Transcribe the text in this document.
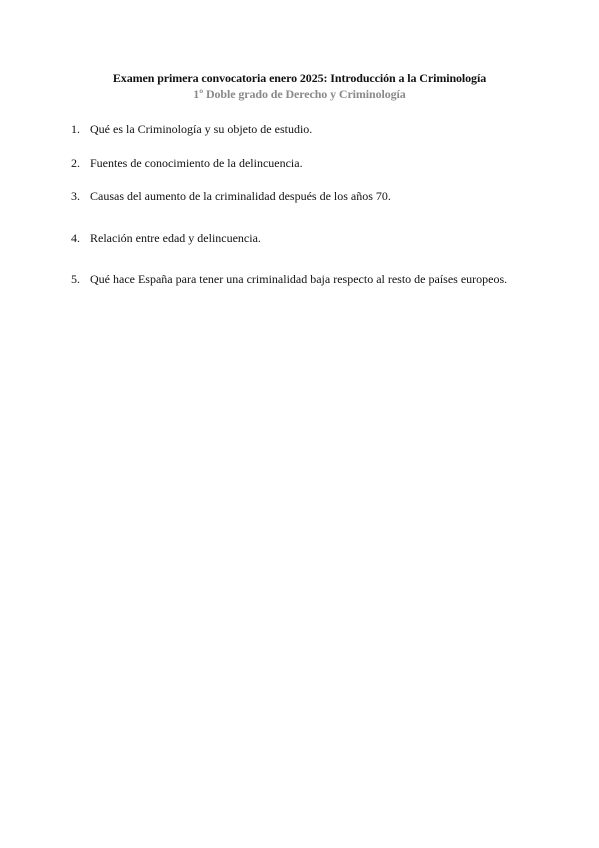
Examen primera convocatoria enero 2025: Introducción a la Criminología
1º Doble grado de Derecho y Criminología
1. Qué es la Criminología y su objeto de estudio.
2. Fuentes de conocimiento de la delincuencia.
3. Causas del aumento de la criminalidad después de los años 70.
4. Relación entre edad y delincuencia.
5. Qué hace España para tener una criminalidad baja respecto al resto de países europeos.
